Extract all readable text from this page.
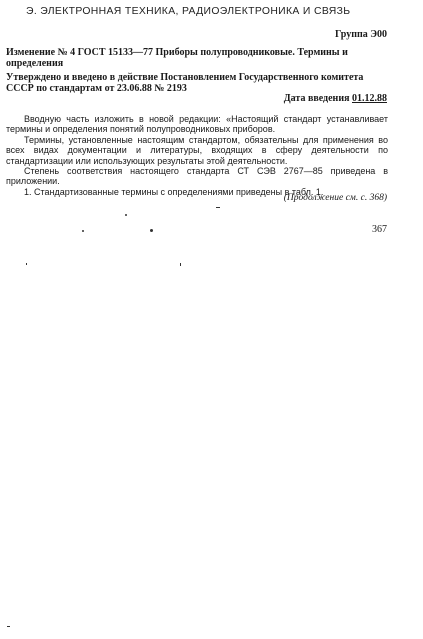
Э. ЭЛЕКТРОННАЯ ТЕХНИКА, РАДИОЭЛЕКТРОНИКА И СВЯЗЬ
Группа Э00
Изменение № 4 ГОСТ 15133—77 Приборы полупроводниковые. Термины и определения
Утверждено и введено в действие Постановлением Государственного комитета СССР по стандартам от 23.06.88 № 2193
Дата введения 01.12.88

Вводную часть изложить в новой редакции: «Настоящий стандарт устанавливает термины и определения понятий полупроводниковых приборов.

Термины, установленные настоящим стандартом, обязательны для применения во всех видах документации и литературы, входящих в сферу деятельности по стандартизации или использующих результаты этой деятельности.

Степень соответствия настоящего стандарта СТ СЭВ 2767—85 приведена в приложении.

1. Стандартизованные термины с определениями приведены в табл. 1.

(Продолжение см. с. 368)
367
